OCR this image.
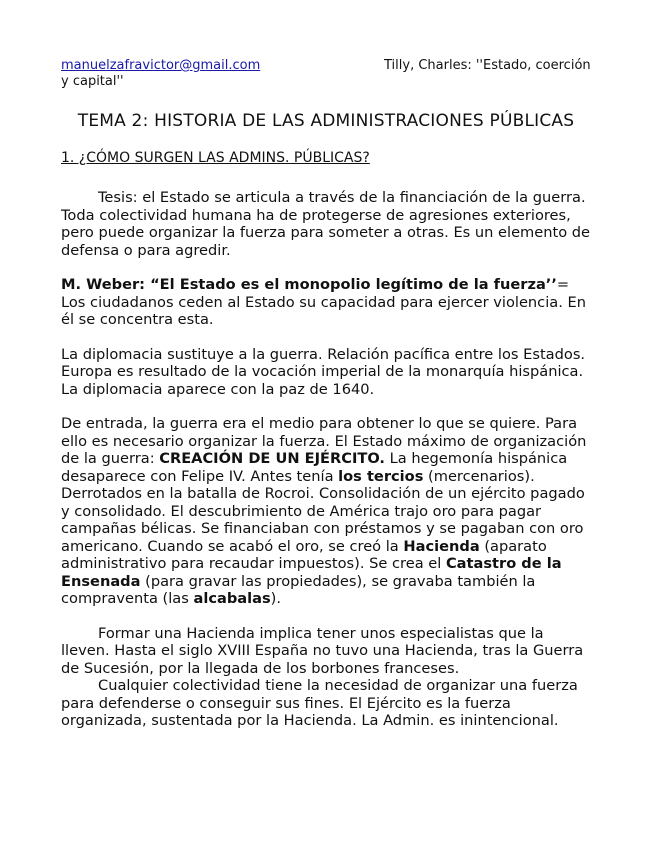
manuelzafravictor@gmail.com	Tilly, Charles: ''Estado, coerción
y capital''
TEMA 2: HISTORIA DE LAS ADMINISTRACIONES PÚBLICAS
1. ¿CÓMO SURGEN LAS ADMINS. PÚBLICAS?

Tesis: el Estado se articula a través de la financiación de la guerra.

Toda colectividad humana ha de protegerse de agresiones exteriores, pero puede organizar la fuerza para someter a otras. Es un elemento de defensa o para agredir.

M. Weber: “El Estado es el monopolio legítimo de la fuerza’’= Los ciudadanos ceden al Estado su capacidad para ejercer violencia. En él se concentra esta.

La diplomacia sustituye a la guerra. Relación pacífica entre los Estados. Europa es resultado de la vocación imperial de la monarquía hispánica. La diplomacia aparece con la paz de 1640.

De entrada, la guerra era el medio para obtener lo que se quiere. Para ello es necesario organizar la fuerza. El Estado máximo de organización de la guerra: CREACIÓN DE UN EJÉRCITO. La hegemonía hispánica desaparece con Felipe IV. Antes tenía los tercios (mercenarios). Derrotados en la batalla de Rocroi. Consolidación de un ejército pagado y consolidado. El descubrimiento de América trajo oro para pagar campañas bélicas. Se financiaban con préstamos y se pagaban con oro americano. Cuando se acabó el oro, se creó la Hacienda (aparato administrativo para recaudar impuestos). Se crea el Catastro de la Ensenada (para gravar las propiedades), se gravaba también la compraventa (las alcabalas).

Formar una Hacienda implica tener unos especialistas que la lleven. Hasta el siglo XVIII España no tuvo una Hacienda, tras la Guerra de Sucesión, por la llegada de los borbones franceses.

Cualquier colectividad tiene la necesidad de organizar una fuerza para defenderse o conseguir sus fines. El Ejército es la fuerza organizada, sustentada por la Hacienda. La Admin. es inintencional.
